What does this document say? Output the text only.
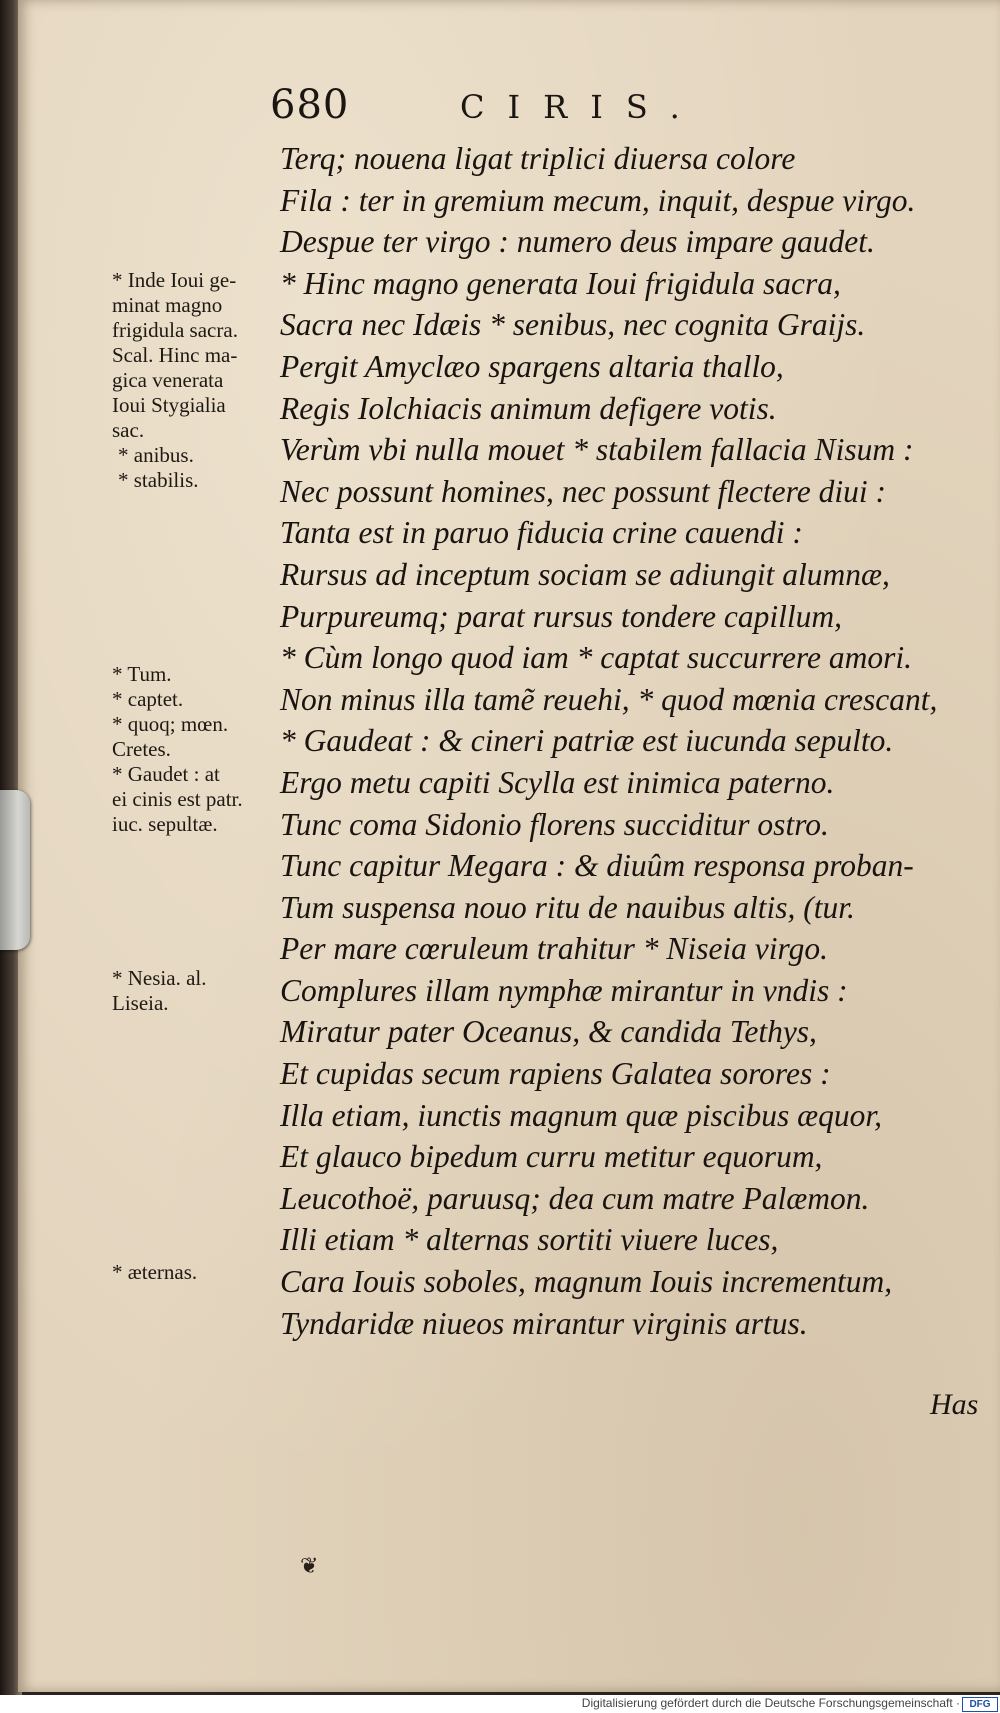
680	CIRIS.
Terq; nouena ligat triplici diuersa colore
Fila : ter in gremium mecum, inquit, despue virgo.
Despue ter virgo : numero deus impare gaudet.
* Hinc magno generata Ioui frigidula sacra,
Sacra nec Idæis * senibus, nec cognita Graijs.
Pergit Amyclæo spargens altaria thallo,
Regis Iolchiacis animum defigere votis.
Verùm vbi nulla mouet * stabilem fallacia Nisum :
Nec possunt homines, nec possunt flectere diui :
Tanta est in paruo fiducia crine cauendi :
Rursus ad inceptum sociam se adiungit alumnæ,
Purpureumq; parat rursus tondere capillum,
* Cùm longo quod iam * captat succurrere amori.
Non minus illa tamẽ reuehi, * quod mœnia crescant,
* Gaudeat : & cineri patriæ est iucunda sepulto.
Ergo metu capiti Scylla est inimica paterno.
Tunc coma Sidonio florens succiditur ostro.
Tunc capitur Megara : & diuûm responsa proban-
Tum suspensa nouo ritu de nauibus altis, (tur.
Per mare cœruleum trahitur * Niseia virgo.
Complures illam nymphæ mirantur in vndis :
Miratur pater Oceanus, & candida Tethys,
Et cupidas secum rapiens Galatea sorores :
Illa etiam, iunctis magnum quæ piscibus æquor,
Et glauco bipedum curru metitur equorum,
Leucothoë, paruusq; dea cum matre Palæmon.
Illi etiam * alternas sortiti viuere luces,
Cara Iouis soboles, magnum Iouis incrementum,
Tyndaridæ niueos mirantur virginis artus.
* Inde Ioui ge-
minat magno
frigidula sacra.
Scal. Hinc ma-
gica venerata
Ioui Stygialia
sac.
* anibus.
* stabilis.
* Tum.
* captet.
* quoq; mœn.
Cretes.
* Gaudet : at
ei cinis est patr.
iuc. sepultæ.
* Nesia. al.
Liseia.
* æternas.
Has
❦
Digitalisierung gefördert durch die Deutsche Forschungsgemeinschaft · DFG
